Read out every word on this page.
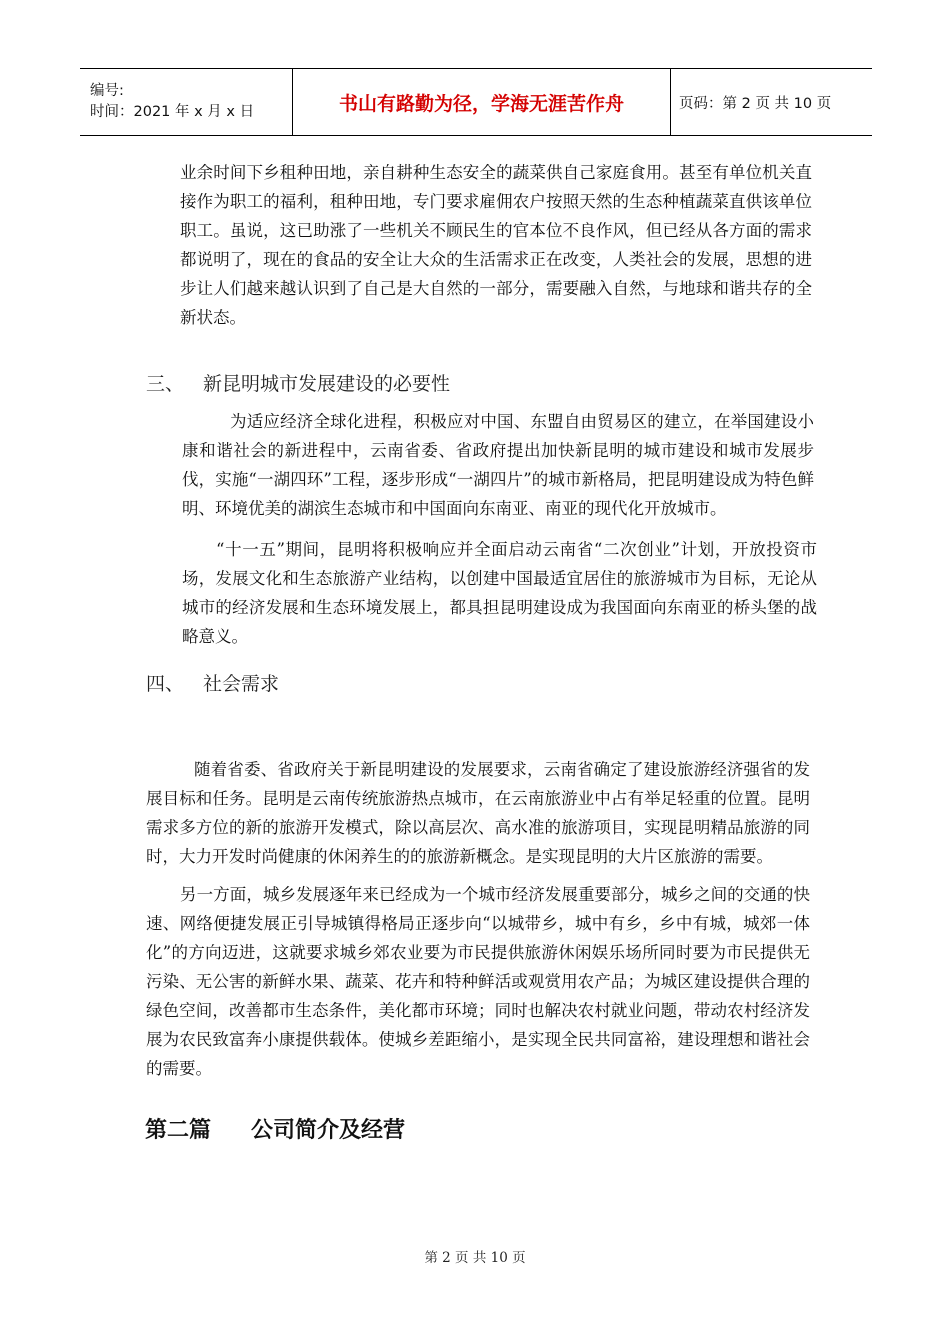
编号:
时间：2021 年 x 月 x 日	书山有路勤为径，学海无涯苦作舟	页码：第 2 页 共 10 页

业余时间下乡租种田地，亲自耕种生态安全的蔬菜供自己家庭食用。甚至有单位机关直接作为职工的福利，租种田地，专门要求雇佣农户按照天然的生态种植蔬菜直供该单位职工。虽说，这已助涨了一些机关不顾民生的官本位不良作风，但已经从各方面的需求都说明了，现在的食品的安全让大众的生活需求正在改变，人类社会的发展，思想的进步让人们越来越认识到了自己是大自然的一部分，需要融入自然，与地球和谐共存的全新状态。

三、 新昆明城市发展建设的必要性

为适应经济全球化进程，积极应对中国、东盟自由贸易区的建立，在举国建设小康和谐社会的新进程中，云南省委、省政府提出加快新昆明的城市建设和城市发展步伐，实施“一湖四环”工程，逐步形成“一湖四片”的城市新格局，把昆明建设成为特色鲜明、环境优美的湖滨生态城市和中国面向东南亚、南亚的现代化开放城市。

“十一五”期间，昆明将积极响应并全面启动云南省“二次创业”计划，开放投资市场，发展文化和生态旅游产业结构，以创建中国最适宜居住的旅游城市为目标，无论从城市的经济发展和生态环境发展上，都具担昆明建设成为我国面向东南亚的桥头堡的战略意义。

四、 社会需求

随着省委、省政府关于新昆明建设的发展要求，云南省确定了建设旅游经济强省的发展目标和任务。昆明是云南传统旅游热点城市，在云南旅游业中占有举足轻重的位置。昆明需求多方位的新的旅游开发模式，除以高层次、高水准的旅游项目，实现昆明精品旅游的同时，大力开发时尚健康的休闲养生的的旅游新概念。是实现昆明的大片区旅游的需要。

另一方面，城乡发展逐年来已经成为一个城市经济发展重要部分，城乡之间的交通的快速、网络便捷发展正引导城镇得格局正逐步向“以城带乡，城中有乡，乡中有城，城郊一体化”的方向迈进，这就要求城乡郊农业要为市民提供旅游休闲娱乐场所同时要为市民提供无污染、无公害的新鲜水果、蔬菜、花卉和特种鲜活或观赏用农产品；为城区建设提供合理的绿色空间，改善都市生态条件，美化都市环境；同时也解决农村就业问题，带动农村经济发展为农民致富奔小康提供载体。使城乡差距缩小，是实现全民共同富裕，建设理想和谐社会的需要。

第二篇 公司简介及经营
第 2 页 共 10 页
